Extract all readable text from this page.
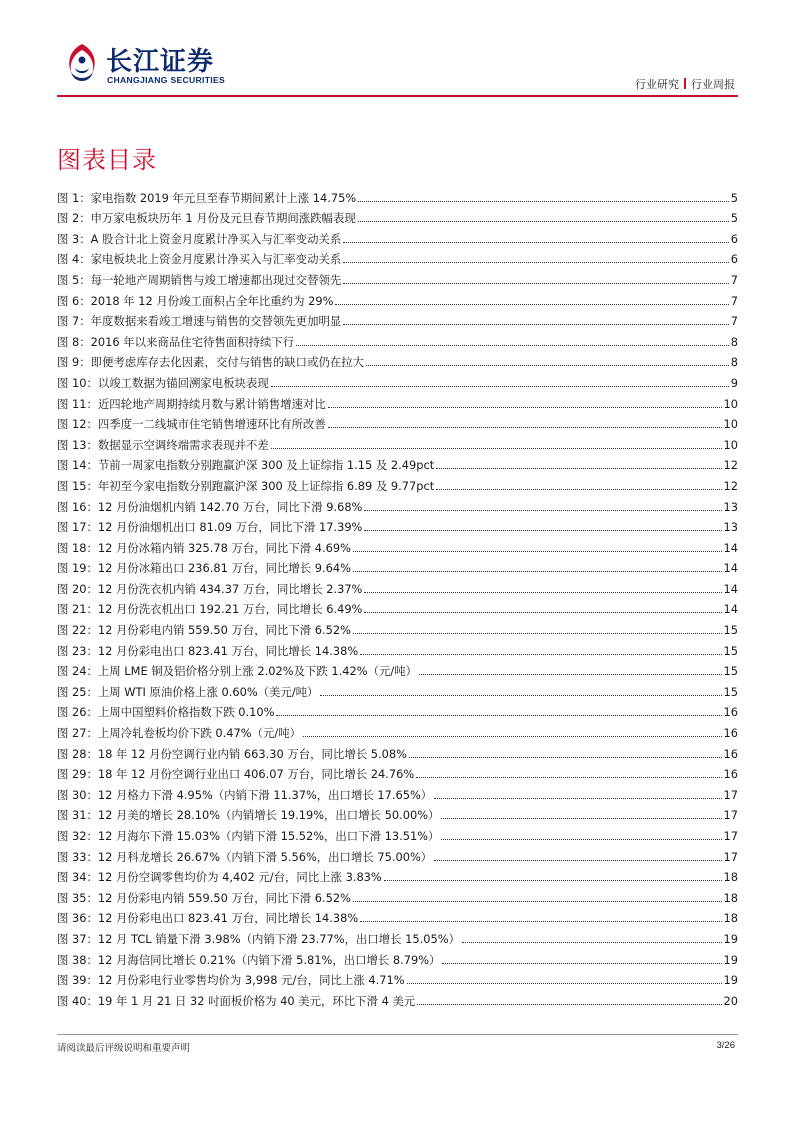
长江证券
CHANGJIANG SECURITIES	行业研究 行业周报
图表目录
图 1：家电指数 2019 年元旦至春节期间累计上涨 14.75%	5
图 2：申万家电板块历年 1 月份及元旦春节期间涨跌幅表现	5
图 3：A 股合计北上资金月度累计净买入与汇率变动关系	6
图 4：家电板块北上资金月度累计净买入与汇率变动关系	6
图 5：每一轮地产周期销售与竣工增速都出现过交替领先	7
图 6：2018 年 12 月份竣工面积占全年比重约为 29%	7
图 7：年度数据来看竣工增速与销售的交替领先更加明显	7
图 8：2016 年以来商品住宅待售面积持续下行	8
图 9：即便考虑库存去化因素，交付与销售的缺口或仍在拉大	8
图 10：以竣工数据为锚回溯家电板块表现	9
图 11：近四轮地产周期持续月数与累计销售增速对比	10
图 12：四季度一二线城市住宅销售增速环比有所改善	10
图 13：数据显示空调终端需求表现并不差	10
图 14：节前一周家电指数分别跑赢沪深 300 及上证综指 1.15 及 2.49pct	12
图 15：年初至今家电指数分别跑赢沪深 300 及上证综指 6.89 及 9.77pct	12
图 16：12 月份油烟机内销 142.70 万台，同比下滑 9.68%	13
图 17：12 月份油烟机出口 81.09 万台，同比下滑 17.39%	13
图 18：12 月份冰箱内销 325.78 万台，同比下滑 4.69%	14
图 19：12 月份冰箱出口 236.81 万台，同比增长 9.64%	14
图 20：12 月份洗衣机内销 434.37 万台，同比增长 2.37%	14
图 21：12 月份洗衣机出口 192.21 万台，同比增长 6.49%	14
图 22：12 月份彩电内销 559.50 万台，同比下滑 6.52%	15
图 23：12 月份彩电出口 823.41 万台，同比增长 14.38%	15
图 24：上周 LME 铜及铝价格分别上涨 2.02%及下跌 1.42%（元/吨）	15
图 25：上周 WTI 原油价格上涨 0.60%（美元/吨）	15
图 26：上周中国塑料价格指数下跌 0.10%	16
图 27：上周冷轧卷板均价下跌 0.47%（元/吨）	16
图 28：18 年 12 月份空调行业内销 663.30 万台，同比增长 5.08%	16
图 29：18 年 12 月份空调行业出口 406.07 万台，同比增长 24.76%	16
图 30：12 月格力下滑 4.95%（内销下滑 11.37%，出口增长 17.65%）	17
图 31：12 月美的增长 28.10%（内销增长 19.19%，出口增长 50.00%）	17
图 32：12 月海尔下滑 15.03%（内销下滑 15.52%，出口下滑 13.51%）	17
图 33：12 月科龙增长 26.67%（内销下滑 5.56%，出口增长 75.00%）	17
图 34：12 月份空调零售均价为 4,402 元/台，同比上涨 3.83%	18
图 35：12 月份彩电内销 559.50 万台，同比下滑 6.52%	18
图 36：12 月份彩电出口 823.41 万台，同比增长 14.38%	18
图 37：12 月 TCL 销量下滑 3.98%（内销下滑 23.77%，出口增长 15.05%）	19
图 38：12 月海信同比增长 0.21%（内销下滑 5.81%，出口增长 8.79%）	19
图 39：12 月份彩电行业零售均价为 3,998 元/台，同比上涨 4.71%	19
图 40：19 年 1 月 21 日 32 吋面板价格为 40 美元，环比下滑 4 美元	20
请阅读最后评级说明和重要声明	3/26
